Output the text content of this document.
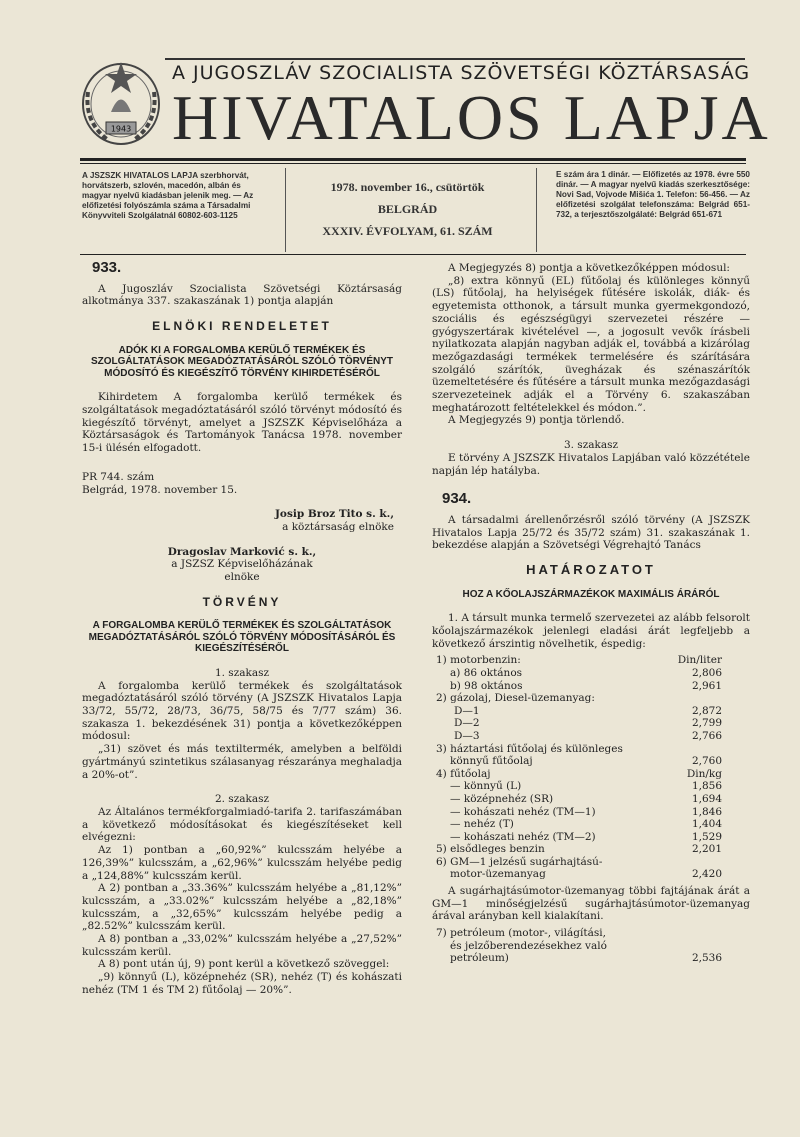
1943
A JUGOSZLÁV SZOCIALISTA SZÖVETSÉGI KÖZTÁRSASÁG
HIVATALOS LAPJA
A JSZSZK HIVATALOS LAPJA szerbhorvát, horvátszerb, szlovén, macedón, albán és magyar nyelvű kiadásban jelenik meg. — Az előfizetési folyószámla száma a Társadalmi Könyvviteli Szolgálatnál 60802-603-1125
1978. november 16., csütörtök
BELGRÁD
XXXIV. ÉVFOLYAM, 61. SZÁM
E szám ára 1 dinár. — Előfizetés az 1978. évre 550 dinár. — A magyar nyelvű kiadás szerkesztősége: Novi Sad, Vojvode Mišića 1. Telefon: 56-456. — Az előfizetési szolgálat telefonszáma: Belgrád 651-732, a terjesztőszolgálaté: Belgrád 651-671
933.

A Jugoszláv Szocialista Szövetségi Köztársaság alkotmánya 337. szakaszának 1) pontja alapján

ELNÖKI RENDELETET

ADÓK KI A FORGALOMBA KERÜLŐ TERMÉKEK ÉS SZOLGÁLTATÁSOK MEGADÓZTATÁSÁRÓL SZÓLÓ TÖRVÉNYT MÓDOSÍTÓ ÉS KIEGÉSZÍTŐ TÖRVÉNY KIHIRDETÉSÉRŐL

Kihirdetem A forgalomba kerülő termékek és szolgáltatások megadóztatásáról szóló törvényt módosító és kiegészítő törvényt, amelyet a JSZSZK Képviselőháza a Köztársaságok és Tartományok Tanácsa 1978. november 15-i ülésén elfogadott.

PR 744. szám

Belgrád, 1978. november 15.

Josip Broz Tito s. k.,

a köztársaság elnöke

Dragoslav Marković s. k.,

a JSZSZ Képviselőházának

elnöke

TÖRVÉNY

A FORGALOMBA KERÜLŐ TERMÉKEK ÉS SZOLGÁLTATÁSOK MEGADÓZTATÁSÁRÓL SZÓLÓ TÖRVÉNY MÓDOSÍTÁSÁRÓL ÉS KIEGÉSZÍTÉSÉRŐL

1. szakasz

A forgalomba kerülő termékek és szolgáltatások megadóztatásáról szóló törvény (A JSZSZK Hivatalos Lapja 33/72, 55/72, 28/73, 36/75, 58/75 és 7/77 szám) 36. szakasza 1. bekezdésének 31) pontja a következőképpen módosul:

„31) szövet és más textiltermék, amelyben a belföldi gyártmányú szintetikus szálasanyag részaránya meghaladja a 20%-ot”.

2. szakasz

Az Általános termékforgalmiadó-tarifa 2. tarifaszámában a következő módosításokat és kiegészítéseket kell elvégezni:

Az 1) pontban a „60,92%” kulcsszám helyébe a 126,39%” kulcsszám, a „62,96%” kulcsszám helyébe pedig a „124,88%” kulcsszám kerül.

A 2) pontban a „33.36%” kulcsszám helyébe a „81,12%” kulcsszám, a „33.02%” kulcsszám helyébe a „82,18%” kulcsszám, a „32,65%” kulcsszám helyébe pedig a „82.52%” kulcsszám kerül.

A 8) pontban a „33,02%” kulcsszám helyébe a „27,52%” kulcsszám kerül.

A 8) pont után új, 9) pont kerül a következő szöveggel:

„9) könnyű (L), középnehéz (SR), nehéz (T) és kohászati nehéz (TM 1 és TM 2) fűtőolaj — 20%”.

A Megjegyzés 8) pontja a következőképpen módosul:

„8) extra könnyű (EL) fűtőolaj és különleges könnyű (LS) fűtőolaj, ha helyiségek fűtésére iskolák, diák- és egyetemista otthonok, a társult munka gyermekgondozó, szociális és egészségügyi szervezetei részére — gyógyszertárak kivételével —, a jogosult vevők írásbeli nyilatkozata alapján nagyban adják el, továbbá a kizárólag mezőgazdasági termékek termelésére és szárítására szolgáló szárítók, üvegházak és szénaszárítók üzemeltetésére és fűtésére a társult munka mezőgazdasági szervezeteinek adják el a Törvény 6. szakaszában meghatározott feltételekkel és módon.”.

A Megjegyzés 9) pontja törlendő.

3. szakasz

E törvény A JSZSZK Hivatalos Lapjában való közzététele napján lép hatályba.

934.

A társadalmi árellenőrzésről szóló törvény (A JSZSZK Hivatalos Lapja 25/72 és 35/72 szám) 31. szakaszának 1. bekezdése alapján a Szövetségi Végrehajtó Tanács

HATÁROZATOT

HOZ A KŐOLAJSZÁRMAZÉKOK MAXIMÁLIS ÁRÁRÓL

1. A társult munka termelő szervezetei az alább felsorolt kőolajszármazékok jelenlegi eladási árát legfeljebb a következő árszintig növelhetik, éspedig:

1) motorbenzin:	Din/liter
a) 86 oktános	2,806
b) 98 oktános	2,961
2) gázolaj, Diesel-üzemanyag:	
D—1	2,872
D—2	2,799
D—3	2,766
3) háztartási fűtőolaj és különleges	
könnyű fűtőolaj	2,760
4) fűtőolaj	Din/kg
— könnyű (L)	1,856
— középnehéz (SR)	1,694
— kohászati nehéz (TM—1)	1,846
— nehéz (T)	1,404
— kohászati nehéz (TM—2)	1,529
5) elsődleges benzin	2,201
6) GM—1 jelzésű sugárhajtású-	
motor-üzemanyag	2,420

A sugárhajtásúmotor-üzemanyag többi fajtájának árát a GM—1 minőségjelzésű sugárhajtásúmotor-üzemanyag árával arányban kell kialakítani.

7) petróleum (motor-, világítási,	
és jelzőberendezésekhez való	
petróleum)	2,536
